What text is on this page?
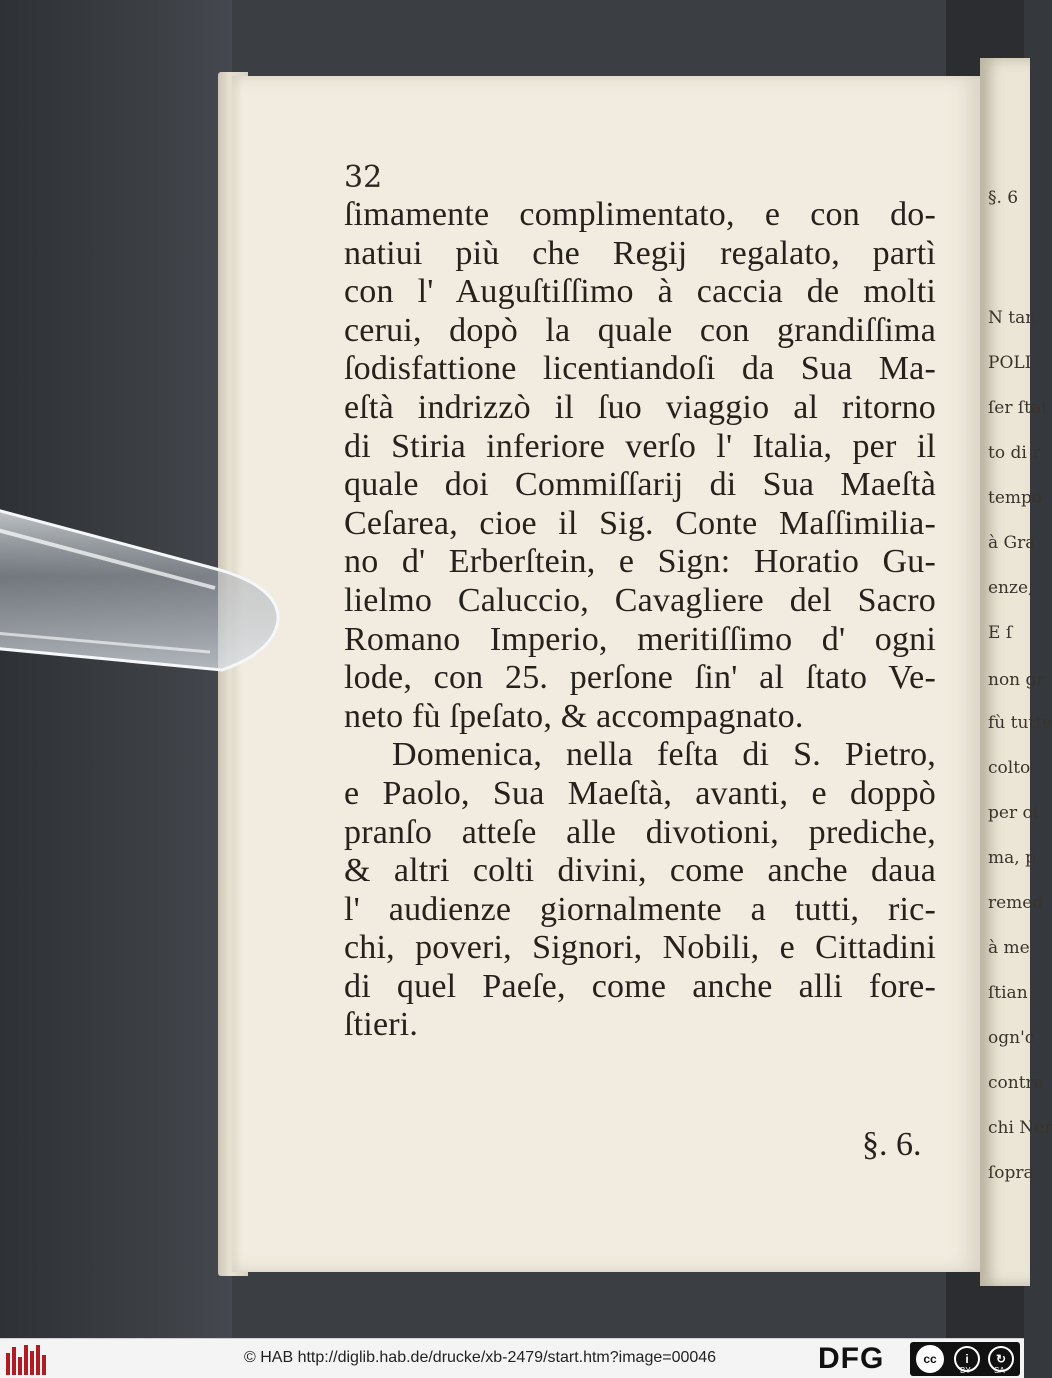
§. 6
N tan
POLI
ſer ſtat
to di r
tempo
à Gra
enze,
E ſ
non gr
fù tutte
colto
per ot
ma, p
remed
à me
ſtian
ogn'c
contra
chi Ner
ſopra
32
ſimamente complimentato, e con do-
natiui più che Regij regalato, partì
con l' Auguſtiſſimo à caccia de molti
cerui, dopò la quale con grandiſſima
ſodisfattione licentiandoſi da Sua Ma-
eſtà indrizzò il ſuo viaggio al ritorno
di Stiria inferiore verſo l' Italia, per il
quale doi Commiſſarij di Sua Maeſtà
Ceſarea, cioe il Sig. Conte Maſſimilia-
no d' Erberſtein, e Sign: Horatio Gu-
lielmo Caluccio, Cavagliere del Sacro
Romano Imperio, meritiſſimo d' ogni
lode, con 25. perſone ſin' al ſtato Ve-
neto fù ſpeſato, & accompagnato.
Domenica, nella feſta di S. Pietro,
e Paolo, Sua Maeſtà, avanti, e doppò
pranſo atteſe alle divotioni, prediche,
& altri colti divini, come anche daua
l' audienze giornalmente a tutti, ric-
chi, poveri, Signori, Nobili, e Cittadini
di quel Paeſe, come anche alli fore-
ſtieri.
§. 6.
© HAB http://diglib.hab.de/drucke/xb-2479/start.htm?image=00046	DFG	cc	i	↻
BY	SA
